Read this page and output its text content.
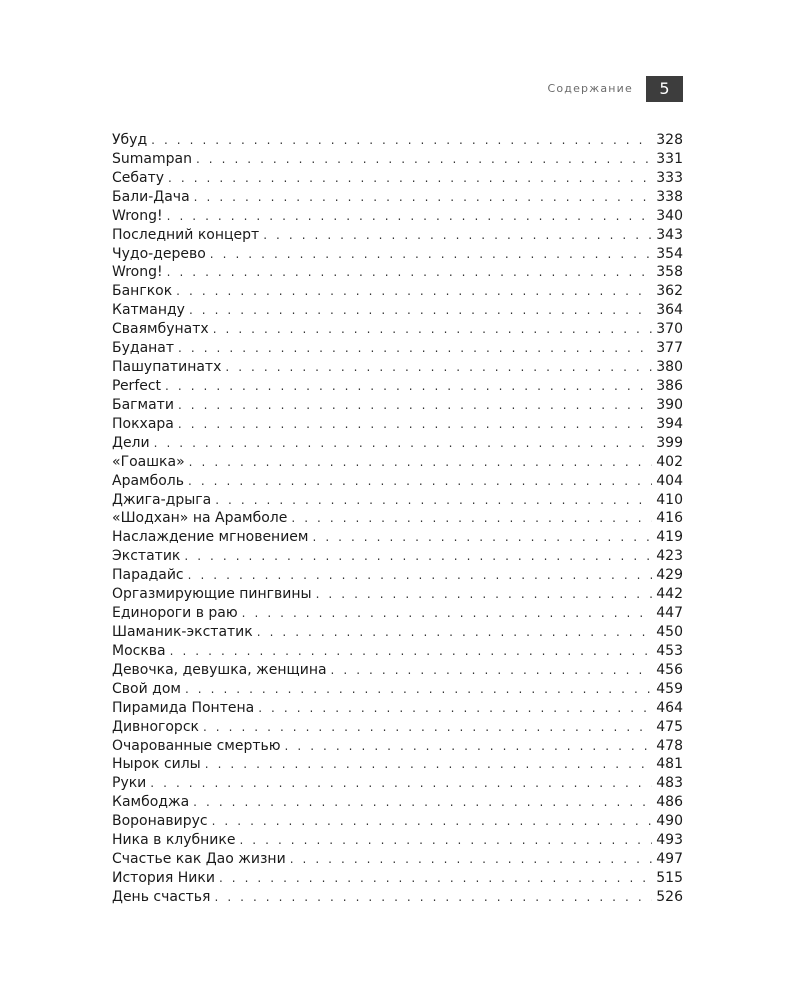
Содержание	5
Убуд . . .	328
Sumampan . . .	331
Себату . . .	333
Бали-Дача . . .	338
Wrong! . . .	340
Последний концерт . . .	343
Чудо-дерево . . .	354
Wrong! . . .	358
Бангкок . . .	362
Катманду . . .	364
Сваямбунатх . . .	370
Буданат . . .	377
Пашупатинатх . . .	380
Perfect . . .	386
Багмати . . .	390
Покхара . . .	394
Дели . . .	399
«Гоашка» . . .	402
Арамболь . . .	404
Джига-дрыга . . .	410
«Шодхан» на Арамболе . . .	416
Наслаждение мгновением . . .	419
Экстатик . . .	423
Парадайс . . .	429
Оргазмирующие пингвины . . .	442
Единороги в раю . . .	447
Шаманик-экстатик . . .	450
Москва . . .	453
Девочка, девушка, женщина . . .	456
Свой дом . . .	459
Пирамида Понтена . . .	464
Дивногорск . . .	475
Очарованные смертью . . .	478
Нырок силы . . .	481
Руки . . .	483
Камбоджа . . .	486
Воронавирус . . .	490
Ника в клубнике . . .	493
Счастье как Дао жизни . . .	497
История Ники . . .	515
День счастья . . .	526
